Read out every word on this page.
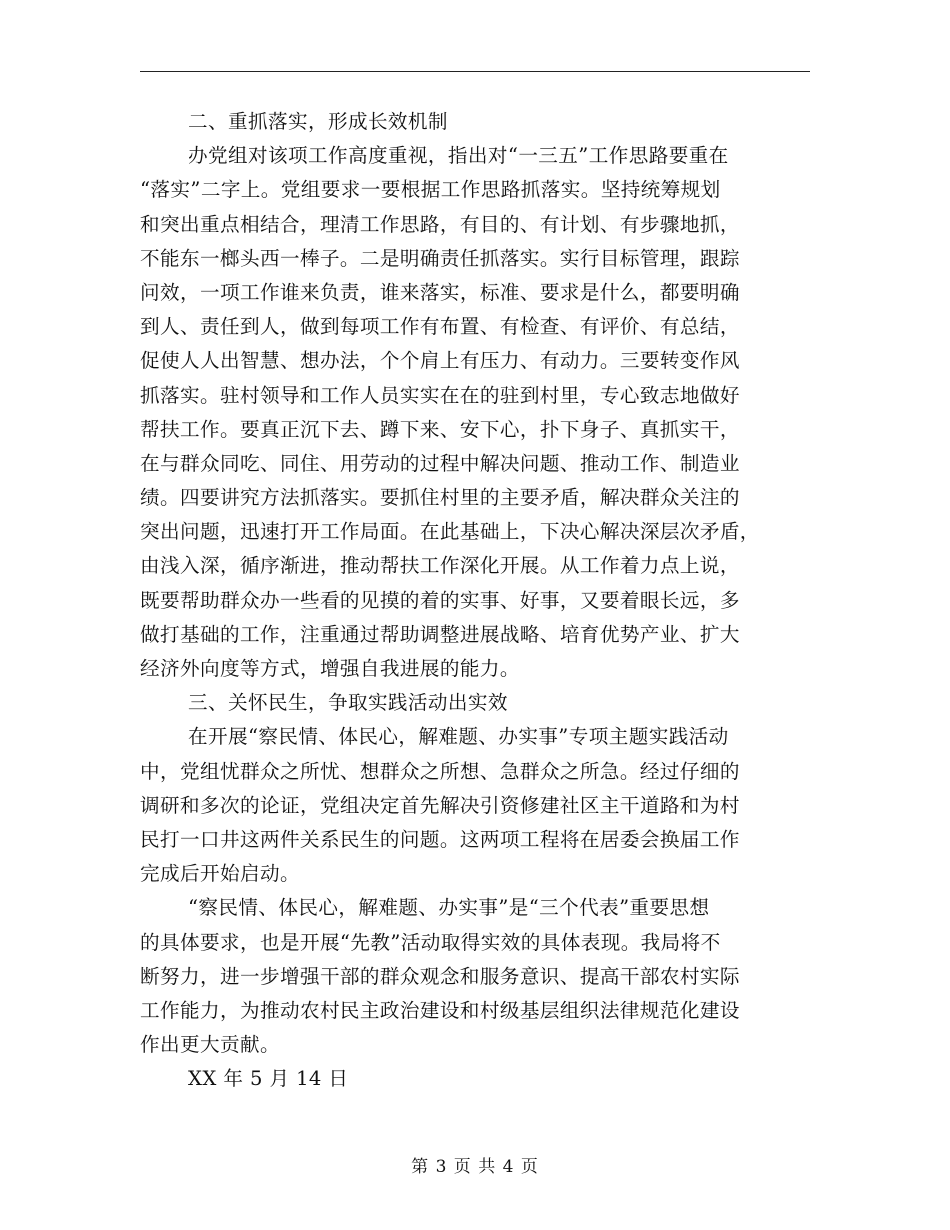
二、重抓落实，形成长效机制
办党组对该项工作高度重视，指出对“一三五”工作思路要重在
“落实”二字上。党组要求一要根据工作思路抓落实。坚持统筹规划
和突出重点相结合，理清工作思路，有目的、有计划、有步骤地抓，
不能东一榔头西一棒子。二是明确责任抓落实。实行目标管理，跟踪
问效，一项工作谁来负责，谁来落实，标准、要求是什么，都要明确
到人、责任到人，做到每项工作有布置、有检查、有评价、有总结，
促使人人出智慧、想办法，个个肩上有压力、有动力。三要转变作风
抓落实。驻村领导和工作人员实实在在的驻到村里，专心致志地做好
帮扶工作。要真正沉下去、蹲下来、安下心，扑下身子、真抓实干，
在与群众同吃、同住、用劳动的过程中解决问题、推动工作、制造业
绩。四要讲究方法抓落实。要抓住村里的主要矛盾，解决群众关注的
突出问题，迅速打开工作局面。在此基础上，下决心解决深层次矛盾，
由浅入深，循序渐进，推动帮扶工作深化开展。从工作着力点上说，
既要帮助群众办一些看的见摸的着的实事、好事，又要着眼长远，多
做打基础的工作，注重通过帮助调整进展战略、培育优势产业、扩大
经济外向度等方式，增强自我进展的能力。
三、关怀民生，争取实践活动出实效
在开展“察民情、体民心，解难题、办实事”专项主题实践活动
中，党组忧群众之所忧、想群众之所想、急群众之所急。经过仔细的
调研和多次的论证，党组决定首先解决引资修建社区主干道路和为村
民打一口井这两件关系民生的问题。这两项工程将在居委会换届工作
完成后开始启动。
“察民情、体民心，解难题、办实事”是“三个代表”重要思想
的具体要求，也是开展“先教”活动取得实效的具体表现。我局将不
断努力，进一步增强干部的群众观念和服务意识、提高干部农村实际
工作能力，为推动农村民主政治建设和村级基层组织法律规范化建设
作出更大贡献。
XX 年 5 月 14 日
第 3 页 共 4 页
